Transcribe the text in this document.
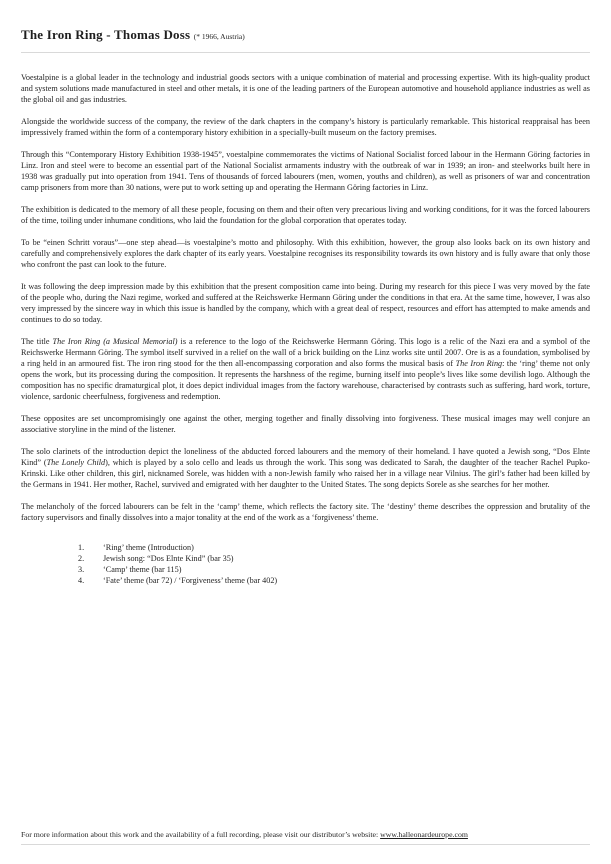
The Iron Ring - Thomas Doss (* 1966, Austria)

Voestalpine is a global leader in the technology and industrial goods sectors with a unique combination of material and processing expertise. With its high-quality product and system solutions made manufactured in steel and other metals, it is one of the leading partners of the European automotive and household appliance industries as well as the global oil and gas industries.

Alongside the worldwide success of the company, the review of the dark chapters in the company’s history is particularly remarkable. This historical reappraisal has been impressively framed within the form of a contemporary history exhibition in a specially-built museum on the factory premises.

Through this “Contemporary History Exhibition 1938-1945”, voestalpine commemorates the victims of National Socialist forced labour in the Hermann Göring factories in Linz. Iron and steel were to become an essential part of the National Socialist armaments industry with the outbreak of war in 1939; an iron- and steelworks built here in 1938 was gradually put into operation from 1941. Tens of thousands of forced labourers (men, women, youths and children), as well as prisoners of war and concentration camp prisoners from more than 30 nations, were put to work setting up and operating the Hermann Göring factories in Linz.

The exhibition is dedicated to the memory of all these people, focusing on them and their often very precarious living and working conditions, for it was the forced labourers of the time, toiling under inhumane conditions, who laid the foundation for the global corporation that operates today.

To be “einen Schritt voraus”—one step ahead—is voestalpine’s motto and philosophy. With this exhibition, however, the group also looks back on its own history and carefully and comprehensively explores the dark chapter of its early years. Voestalpine recognises its responsibility towards its own history and is fully aware that only those who confront the past can look to the future.

It was following the deep impression made by this exhibition that the present composition came into being. During my research for this piece I was very moved by the fate of the people who, during the Nazi regime, worked and suffered at the Reichswerke Hermann Göring under the conditions in that era. At the same time, however, I was also very impressed by the sincere way in which this issue is handled by the company, which with a great deal of respect, resources and effort has attempted to make amends and continues to do so today.

The title The Iron Ring (a Musical Memorial) is a reference to the logo of the Reichswerke Hermann Göring. This logo is a relic of the Nazi era and a symbol of the Reichswerke Hermann Göring. The symbol itself survived in a relief on the wall of a brick building on the Linz works site until 2007. Ore is as a foundation, symbolised by a ring held in an armoured fist. The iron ring stood for the then all-encompassing corporation and also forms the musical basis of The Iron Ring: the ‘ring’ theme not only opens the work, but its processing during the composition. It represents the harshness of the regime, burning itself into people’s lives like some devilish logo. Although the composition has no specific dramaturgical plot, it does depict individual images from the factory warehouse, characterised by contrasts such as suffering, hard work, torture, violence, sardonic cheerfulness, forgiveness and redemption.

These opposites are set uncompromisingly one against the other, merging together and finally dissolving into forgiveness. These musical images may well conjure an associative storyline in the mind of the listener.

The solo clarinets of the introduction depict the loneliness of the abducted forced labourers and the memory of their homeland. I have quoted a Jewish song, “Dos Elnte Kind” (The Lonely Child), which is played by a solo cello and leads us through the work. This song was dedicated to Sarah, the daughter of the teacher Rachel Pupko-Krinski. Like other children, this girl, nicknamed Sorele, was hidden with a non-Jewish family who raised her in a village near Vilnius. The girl’s father had been killed by the Germans in 1941. Her mother, Rachel, survived and emigrated with her daughter to the United States. The song depicts Sorele as she searches for her mother.

The melancholy of the forced labourers can be felt in the ‘camp’ theme, which reflects the factory site. The ‘destiny’ theme describes the oppression and brutality of the factory supervisors and finally dissolves into a major tonality at the end of the work as a ‘forgiveness’ theme.

1.	‘Ring’ theme (Introduction)
2.	Jewish song: “Dos Elnte Kind” (bar 35)
3.	‘Camp’ theme (bar 115)
4.	‘Fate’ theme (bar 72) / ‘Forgiveness’ theme (bar 402)
For more information about this work and the availability of a full recording, please visit our distributor’s website: www.halleonardeurope.com
